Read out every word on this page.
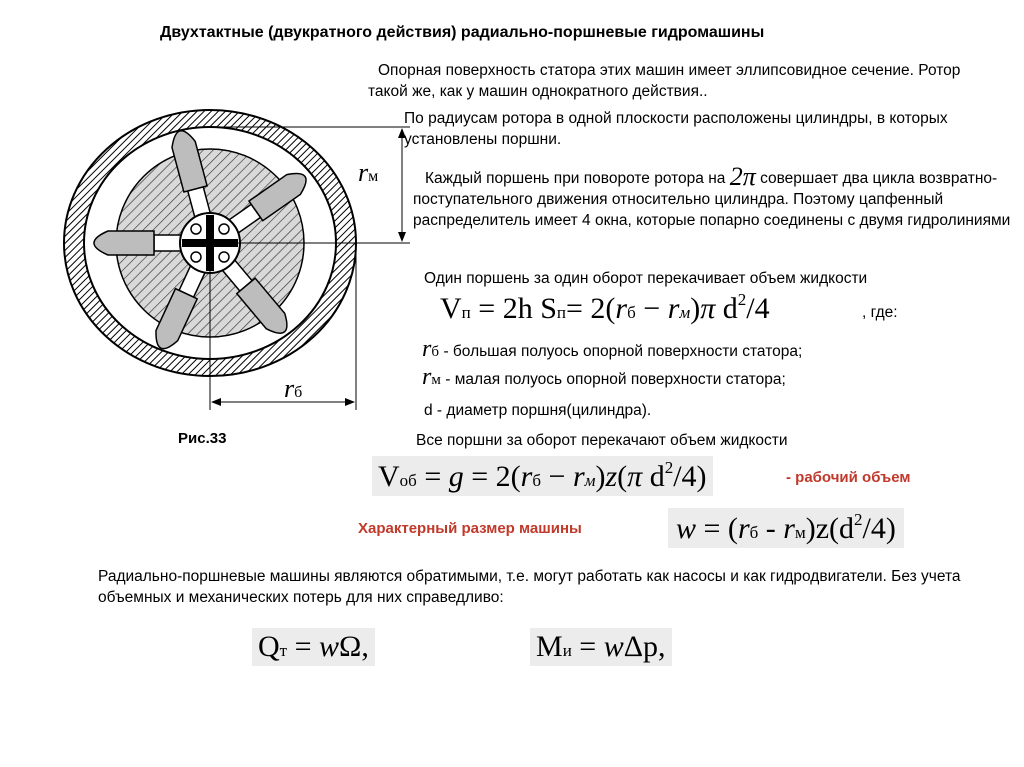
Двухтактные (двукратного действия) радиально-поршневые гидромашины
rм
rб
Рис.33
Опорная поверхность статора этих машин имеет эллипсовидное сечение. Ротор такой же, как у машин однократного действия..
По радиусам ротора в одной плоскости расположены цилиндры, в которых установлены поршни.
Каждый поршень при повороте ротора на 2π совершает два цикла возвратно- поступательного движения относительно цилиндра. Поэтому цапфенный распределитель имеет 4 окна, которые попарно соединены с двумя гидролиниями
Один поршень за один оборот перекачивает объем жидкости
Vп = 2h Sп= 2(rб − rм)π $d^2/4$	, где:
rб - большая полуось опорной поверхности статора;
rм - малая полуось опорной поверхности статора;
d - диаметр поршня(цилиндра).
Все поршни за оборот перекачают объем жидкости
Vоб = g = 2(rб − rм)z(π $d^2/4$)	- рабочий объем
Характерный размер машины	$w = (rб - rм)z(d^2/4)$
Радиально-поршневые машины являются обратимыми, т.е. могут работать как насосы и как гидродвигатели. Без учета объемных и механических потерь для них справедливо:
Qт = wΩ,	Mи = wΔp,
